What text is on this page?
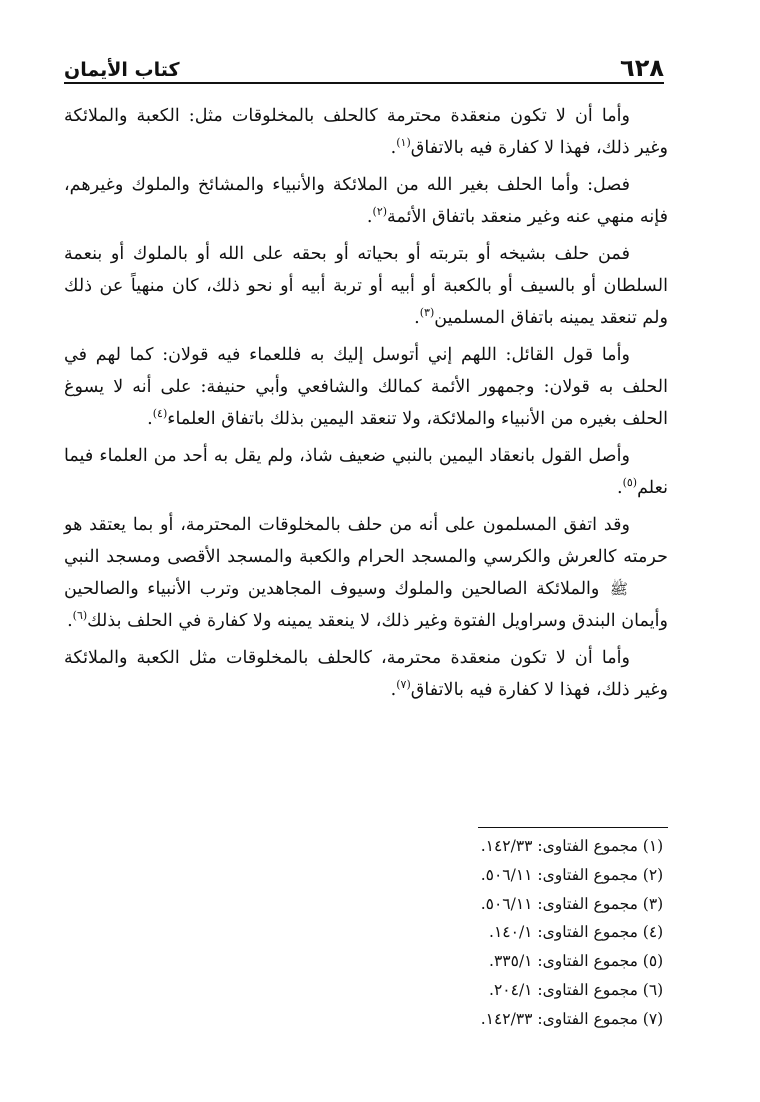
٦٢٨
كتاب الأيمان

وأما أن لا تكون منعقدة محترمة كالحلف بالمخلوقات مثل: الكعبة والملائكة وغير ذلك، فهذا لا كفارة فيه بالاتفاق$^{(١)}$.

فصل: وأما الحلف بغير الله من الملائكة والأنبياء والمشائخ والملوك وغيرهم، فإنه منهي عنه وغير منعقد باتفاق الأئمة$^{(٢)}$.

فمن حلف بشيخه أو بتربته أو بحياته أو بحقه على الله أو بالملوك أو بنعمة السلطان أو بالسيف أو بالكعبة أو أبيه أو تربة أبيه أو نحو ذلك، كان منهياً عن ذلك ولم تنعقد يمينه باتفاق المسلمين$^{(٣)}$.

وأما قول القائل: اللهم إني أتوسل إليك به فللعماء فيه قولان: كما لهم في الحلف به قولان: وجمهور الأئمة كمالك والشافعي وأبي حنيفة: على أنه لا يسوغ الحلف بغيره من الأنبياء والملائكة، ولا تنعقد اليمين بذلك باتفاق العلماء$^{(٤)}$.

وأصل القول بانعقاد اليمين بالنبي ضعيف شاذ، ولم يقل به أحد من العلماء فيما نعلم$^{(٥)}$.

وقد اتفق المسلمون على أنه من حلف بالمخلوقات المحترمة، أو بما يعتقد هو حرمته كالعرش والكرسي والمسجد الحرام والكعبة والمسجد الأقصى ومسجد النبي ﷺ والملائكة الصالحين والملوك وسيوف المجاهدين وترب الأنبياء والصالحين وأيمان البندق وسراويل الفتوة وغير ذلك، لا ينعقد يمينه ولا كفارة في الحلف بذلك$^{(٦)}$.

وأما أن لا تكون منعقدة محترمة، كالحلف بالمخلوقات مثل الكعبة والملائكة وغير ذلك، فهذا لا كفارة فيه بالاتفاق$^{(٧)}$.

(١)
مجموع الفتاوى: ١٤٢/٣٣.
(٢)
مجموع الفتاوى: ٥٠٦/١١.
(٣)
مجموع الفتاوى: ٥٠٦/١١.
(٤)
مجموع الفتاوى: ١٤٠/١.
(٥)
مجموع الفتاوى: ٣٣٥/١.
(٦)
مجموع الفتاوى: ٢٠٤/١.
(٧)
مجموع الفتاوى: ١٤٢/٣٣.
